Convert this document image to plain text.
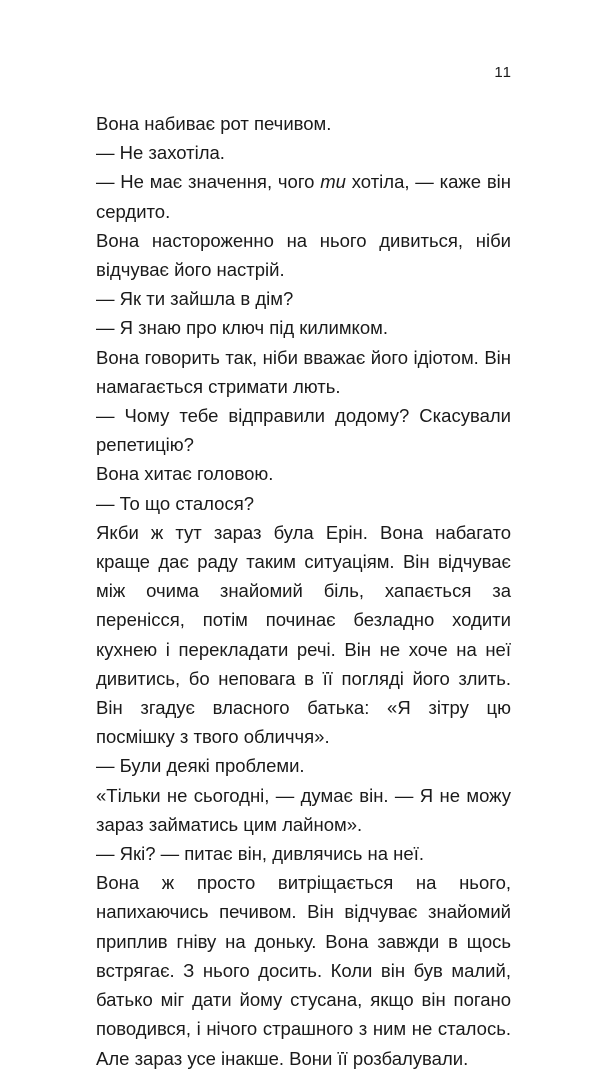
11

Вона набиває рот печивом.

— Не захотіла.

— Не має значення, чого ти хотіла, — каже він сердито.

Вона настороженно на нього дивиться, ніби відчуває його настрій.

— Як ти зайшла в дім?

— Я знаю про ключ під килимком.

Вона говорить так, ніби вважає його ідіотом. Він намагається стримати лють.

— Чому тебе відправили додому? Скасували репетицію?

Вона хитає головою.

— То що сталося?

Якби ж тут зараз була Ерін. Вона набагато краще дає раду таким ситуаціям. Він відчуває між очима знайомий біль, хапається за перенісся, потім починає безладно ходити кухнею і перекладати речі. Він не хоче на неї дивитись, бо неповага в її погляді його злить. Він згадує власного батька: «Я зітру цю посмішку з твого обличчя».

— Були деякі проблеми.

«Тільки не сьогодні, — думає він. — Я не можу зараз займатись цим лайном».

— Які? — питає він, дивлячись на неї.

Вона ж просто витріщається на нього, напихаючись печивом. Він відчуває знайомий приплив гніву на доньку. Вона завжди в щось встрягає. З нього досить. Коли він був малий, батько міг дати йому стусана, якщо він погано поводився, і нічого страшного з ним не сталось. Але зараз усе інакше. Вони її розбалували.
